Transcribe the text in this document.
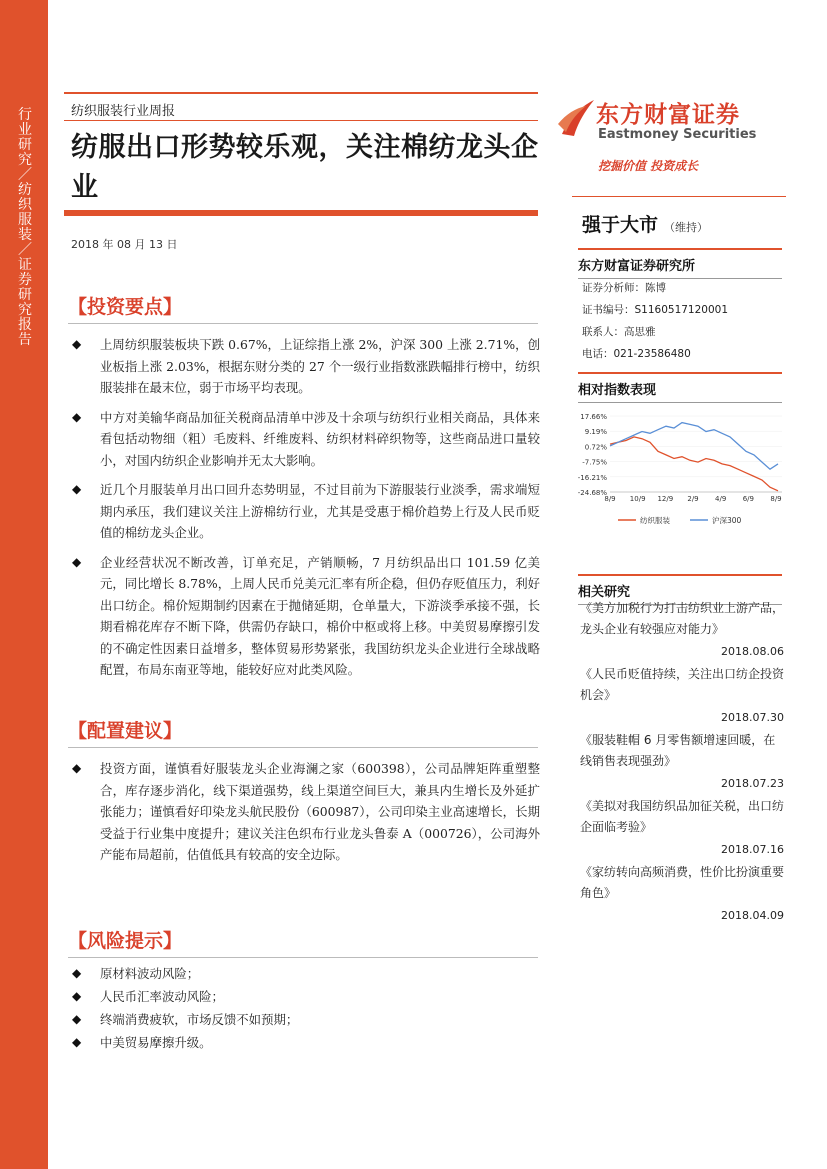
行
业
研
究
／
纺
织
服
装
／
证
券
研
究
报
告
纺织服装行业周报
纺服出口形势较乐观，关注棉纺龙头企业
2018 年 08 月 13 日
东方财富证券
Eastmoney Securities
挖掘价值 投资成长
【投资要点】
◆ 上周纺织服装板块下跌 0.67%，上证综指上涨 2%，沪深 300 上涨 2.71%，创业板指上涨 2.03%，根据东财分类的 27 个一级行业指数涨跌幅排行榜中，纺织服装排在最末位，弱于市场平均表现。
◆ 中方对美输华商品加征关税商品清单中涉及十余项与纺织行业相关商品，具体来看包括动物细（粗）毛废料、纤维废料、纺织材料碎织物等，这些商品进口量较小，对国内纺织企业影响并无太大影响。
◆ 近几个月服装单月出口回升态势明显，不过目前为下游服装行业淡季，需求端短期内承压，我们建议关注上游棉纺行业，尤其是受惠于棉价趋势上行及人民币贬值的棉纺龙头企业。
◆ 企业经营状况不断改善，订单充足，产销顺畅，7 月纺织品出口 101.59 亿美元，同比增长 8.78%，上周人民币兑美元汇率有所企稳，但仍存贬值压力，利好出口纺企。棉价短期制约因素在于抛储延期，仓单量大，下游淡季承接不强，长期看棉花库存不断下降，供需仍存缺口，棉价中枢或将上移。中美贸易摩擦引发的不确定性因素日益增多，整体贸易形势紧张，我国纺织龙头企业进行全球战略配置，布局东南亚等地，能较好应对此类风险。
【配置建议】
◆ 投资方面，谨慎看好服装龙头企业海澜之家（600398），公司品牌矩阵重塑整合，库存逐步消化，线下渠道强势，线上渠道空间巨大，兼具内生增长及外延扩张能力；谨慎看好印染龙头航民股份（600987），公司印染主业高速增长，长期受益于行业集中度提升；建议关注色织布行业龙头鲁泰 A（000726），公司海外产能布局超前，估值低具有较高的安全边际。
【风险提示】
◆ 原材料波动风险；
◆ 人民币汇率波动风险；
◆ 终端消费疲软，市场反馈不如预期；
◆ 中美贸易摩擦升级。
强于大市 （维持）
东方财富证券研究所
证券分析师：陈博
证书编号：S1160517120001
联系人：高思雅
电话：021-23586480
相对指数表现
17.66%
9.19%
0.72%
-7.75%
-16.21%
-24.68%
8/9 10/9 12/9 2/9 4/9 6/9 8/9
纺织服装	沪深300
相关研究
《美方加税行为打击纺织业上游产品，龙头企业有较强应对能力》
2018.08.06
《人民币贬值持续，关注出口纺企投资机会》
2018.07.30
《服装鞋帽 6 月零售额增速回暖，在线销售表现强劲》
2018.07.23
《美拟对我国纺织品加征关税，出口纺企面临考验》
2018.07.16
《家纺转向高频消费，性价比扮演重要角色》
2018.04.09
